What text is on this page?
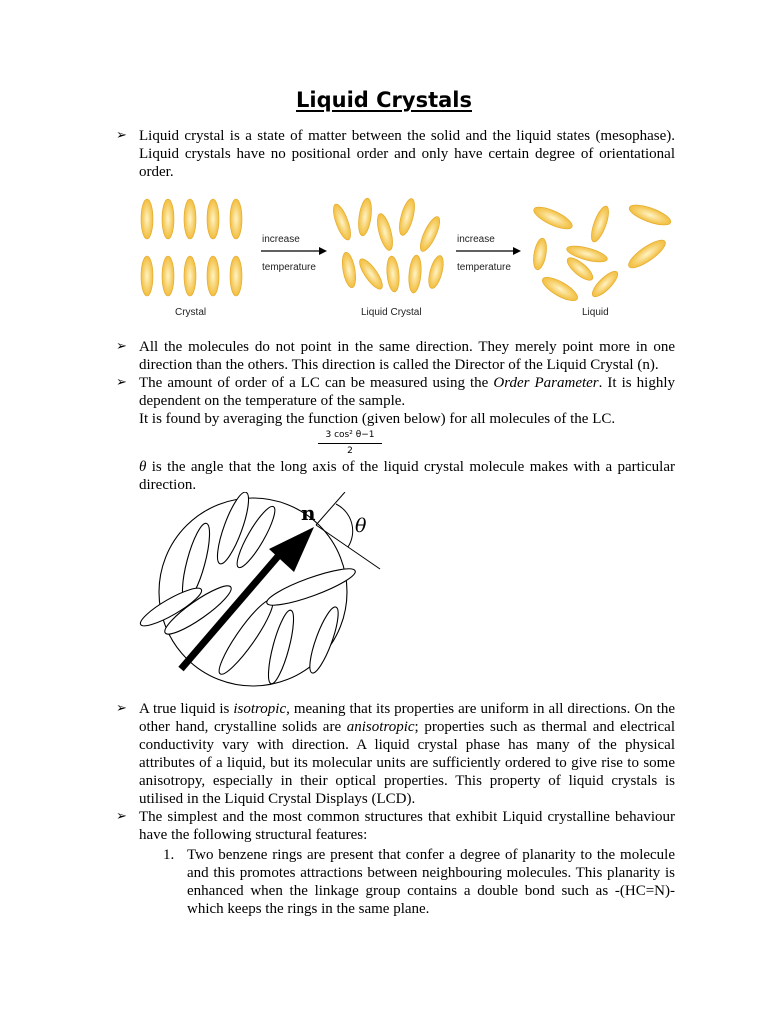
Liquid Crystals
➢ Liquid crystal is a state of matter between the solid and the liquid states (mesophase). Liquid crystals have no positional order and only have certain degree of orientational order.

increase
temperature
increase
temperature
Crystal	Liquid Crystal	Liquid
➢ All the molecules do not point in the same direction. They merely point more in one direction than the others. This direction is called the Director of the Liquid Crystal (n).

➢ The amount of order of a LC can be measured using the Order Parameter. It is highly dependent on the temperature of the sample.

It is found by averaging the function (given below) for all molecules of the LC.

$\frac{\text{3 cos² θ−1}}{2}$

θ is the angle that the long axis of the liquid crystal molecule makes with a particular direction.

n
θ
➢ A true liquid is isotropic, meaning that its properties are uniform in all directions. On the other hand, crystalline solids are anisotropic; properties such as thermal and electrical conductivity vary with direction. A liquid crystal phase has many of the physical attributes of a liquid, but its molecular units are sufficiently ordered to give rise to some anisotropy, especially in their optical properties. This property of liquid crystals is utilised in the Liquid Crystal Displays (LCD).

➢ The simplest and the most common structures that exhibit Liquid crystalline behaviour have the following structural features:

1. Two benzene rings are present that confer a degree of planarity to the molecule and this promotes attractions between neighbouring molecules. This planarity is enhanced when the linkage group contains a double bond such as -(HC=N)- which keeps the rings in the same plane.
